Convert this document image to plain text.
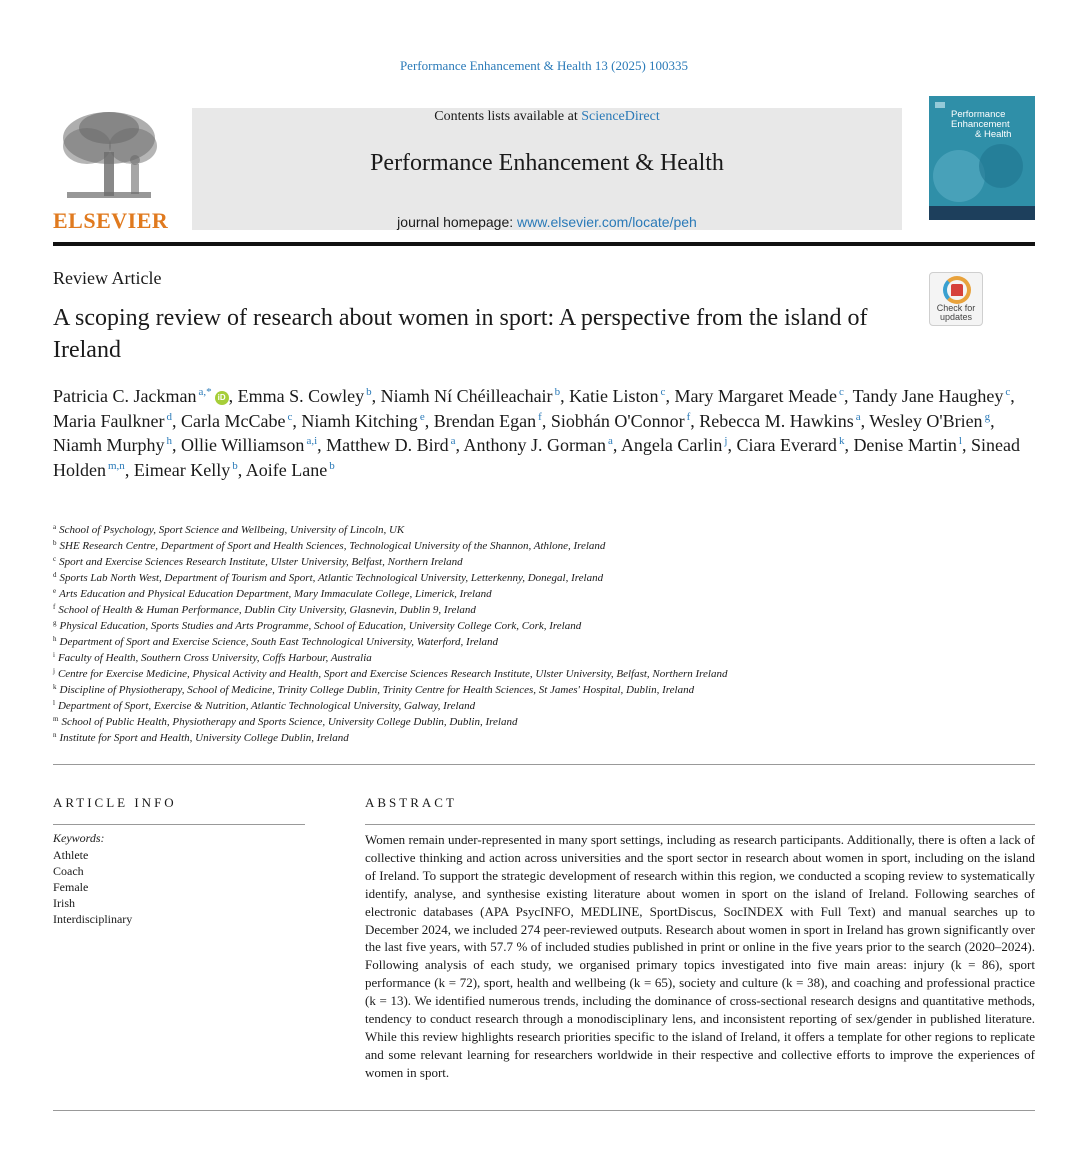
Performance Enhancement & Health 13 (2025) 100335
ELSEVIER
Contents lists available at ScienceDirect
Performance Enhancement & Health
journal homepage: www.elsevier.com/locate/peh
Performance
Enhancement
& Health
Review Article
A scoping review of research about women in sport: A perspective from the island of Ireland
Check for
updates
Patricia C. Jackman $^{a,*}$ iD , Emma S. Cowley $^b$, Niamh Ní Chéilleachair $^b$, Katie Liston $^c$, Mary Margaret Meade $^c$, Tandy Jane Haughey $^c$, Maria Faulkner $^d$, Carla McCabe $^c$, Niamh Kitching $^e$, Brendan Egan $^f$, Siobhán O'Connor $^f$, Rebecca M. Hawkins $^a$, Wesley O'Brien $^g$, Niamh Murphy $^h$, Ollie Williamson $^{a,i}$, Matthew D. Bird $^a$, Anthony J. Gorman $^a$, Angela Carlin $^j$, Ciara Everard $^k$, Denise Martin $^l$, Sinead Holden $^{m,n}$, Eimear Kelly $^b$, Aoife Lane $^b$
$^a$ School of Psychology, Sport Science and Wellbeing, University of Lincoln, UK
$^b$ SHE Research Centre, Department of Sport and Health Sciences, Technological University of the Shannon, Athlone, Ireland
$^c$ Sport and Exercise Sciences Research Institute, Ulster University, Belfast, Northern Ireland
$^d$ Sports Lab North West, Department of Tourism and Sport, Atlantic Technological University, Letterkenny, Donegal, Ireland
$^e$ Arts Education and Physical Education Department, Mary Immaculate College, Limerick, Ireland
$^f$ School of Health & Human Performance, Dublin City University, Glasnevin, Dublin 9, Ireland
$^g$ Physical Education, Sports Studies and Arts Programme, School of Education, University College Cork, Cork, Ireland
$^h$ Department of Sport and Exercise Science, South East Technological University, Waterford, Ireland
$^i$ Faculty of Health, Southern Cross University, Coffs Harbour, Australia
$^j$ Centre for Exercise Medicine, Physical Activity and Health, Sport and Exercise Sciences Research Institute, Ulster University, Belfast, Northern Ireland
$^k$ Discipline of Physiotherapy, School of Medicine, Trinity College Dublin, Trinity Centre for Health Sciences, St James' Hospital, Dublin, Ireland
$^l$ Department of Sport, Exercise & Nutrition, Atlantic Technological University, Galway, Ireland
$^m$ School of Public Health, Physiotherapy and Sports Science, University College Dublin, Dublin, Ireland
$^n$ Institute for Sport and Health, University College Dublin, Ireland
ARTICLE INFO
Keywords:
Athlete
Coach
Female
Irish
Interdisciplinary
ABSTRACT
Women remain under-represented in many sport settings, including as research participants. Additionally, there is often a lack of collective thinking and action across universities and the sport sector in research about women in sport, including on the island of Ireland. To support the strategic development of research within this region, we conducted a scoping review to systematically identify, analyse, and synthesise existing literature about women in sport on the island of Ireland. Following searches of electronic databases (APA PsycINFO, MEDLINE, SportDiscus, SocINDEX with Full Text) and manual searches up to December 2024, we included 274 peer-reviewed outputs. Research about women in sport in Ireland has grown significantly over the last five years, with 57.7 % of included studies published in print or online in the five years prior to the search (2020–2024). Following analysis of each study, we organised primary topics investigated into five main areas: injury (k = 86), sport performance (k = 72), sport, health and wellbeing (k = 65), society and culture (k = 38), and coaching and professional practice (k = 13). We identified numerous trends, including the dominance of cross-sectional research designs and quantitative methods, tendency to conduct research through a monodisciplinary lens, and inconsistent reporting of sex/gender in published literature. While this review highlights research priorities specific to the island of Ireland, it offers a template for other regions to replicate and some relevant learning for researchers worldwide in their respective and collective efforts to improve the experiences of women in sport.
